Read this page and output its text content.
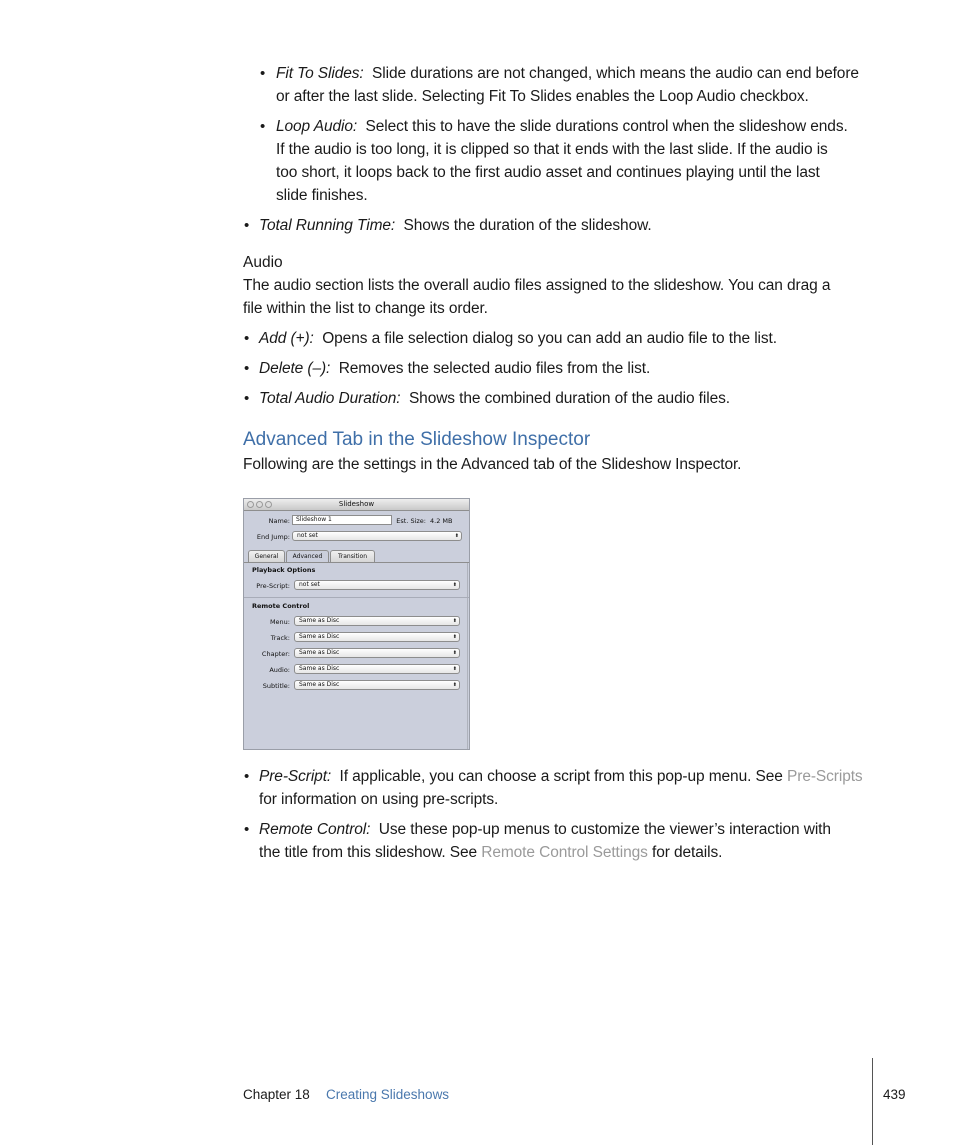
• Fit To Slides: Slide durations are not changed, which means the audio can end before
or after the last slide. Selecting Fit To Slides enables the Loop Audio checkbox.
• Loop Audio: Select this to have the slide durations control when the slideshow ends.
If the audio is too long, it is clipped so that it ends with the last slide. If the audio is
too short, it loops back to the first audio asset and continues playing until the last
slide finishes.
• Total Running Time: Shows the duration of the slideshow.
Audio
The audio section lists the overall audio files assigned to the slideshow. You can drag a
file within the list to change its order.
• Add (+): Opens a file selection dialog so you can add an audio file to the list.
• Delete (–): Removes the selected audio files from the list.
• Total Audio Duration: Shows the combined duration of the audio files.
Advanced Tab in the Slideshow Inspector
Following are the settings in the Advanced tab of the Slideshow Inspector.
Slideshow
Name:	Slideshow 1	Est. Size: 4.2 MB
End Jump:	not set	⬍
General	Advanced	Transition
Playback Options
Pre-Script:	not set	⬍
Remote Control
Menu:	Same as Disc	⬍
Track:	Same as Disc	⬍
Chapter:	Same as Disc	⬍
Audio:	Same as Disc	⬍
Subtitle:	Same as Disc	⬍
• Pre-Script: If applicable, you can choose a script from this pop-up menu. See Pre-Scripts
for information on using pre-scripts.
• Remote Control: Use these pop-up menus to customize the viewer’s interaction with
the title from this slideshow. See Remote Control Settings for details.
Chapter 18 Creating Slideshows	439
